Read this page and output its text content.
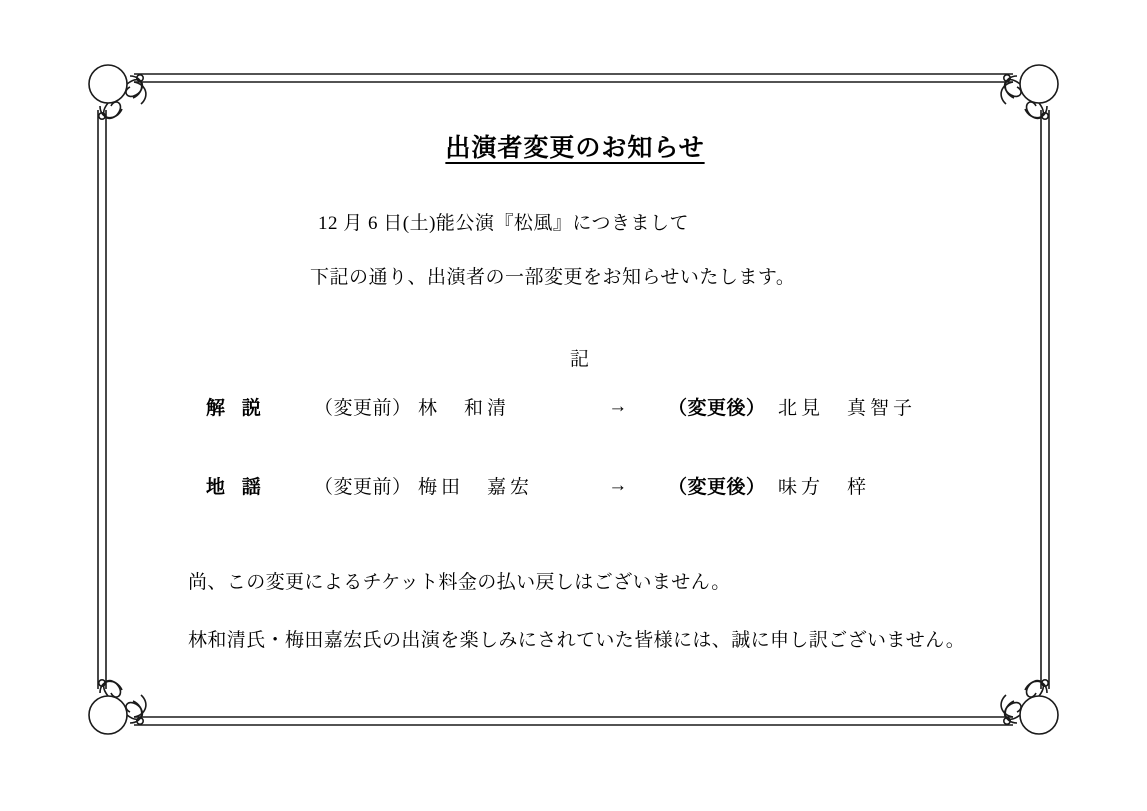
出演者変更のお知らせ
12 月 6 日(土)能公演『松風』につきまして
下記の通り、出演者の一部変更をお知らせいたします。
記
解 説	（変更前） 林　和清	→	（変更後） 北見　真智子
地 謡	（変更前） 梅田　嘉宏	→	（変更後） 味方　梓
尚、この変更によるチケット料金の払い戻しはございません。
林和清氏・梅田嘉宏氏の出演を楽しみにされていた皆様には、誠に申し訳ございません。
